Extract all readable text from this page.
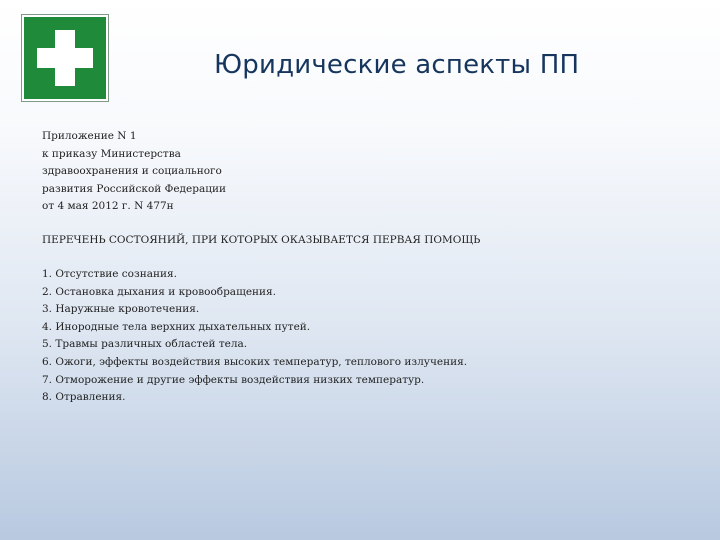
Юридические аспекты ПП
Приложение N 1
к приказу Министерства
здравоохранения и социального
развития Российской Федерации
от 4 мая 2012 г. N 477н
ПЕРЕЧЕНЬ СОСТОЯНИЙ, ПРИ КОТОРЫХ ОКАЗЫВАЕТСЯ ПЕРВАЯ ПОМОЩЬ
1. Отсутствие сознания.
2. Остановка дыхания и кровообращения.
3. Наружные кровотечения.
4. Инородные тела верхних дыхательных путей.
5. Травмы различных областей тела.
6. Ожоги, эффекты воздействия высоких температур, теплового излучения.
7. Отморожение и другие эффекты воздействия низких температур.
8. Отравления.
